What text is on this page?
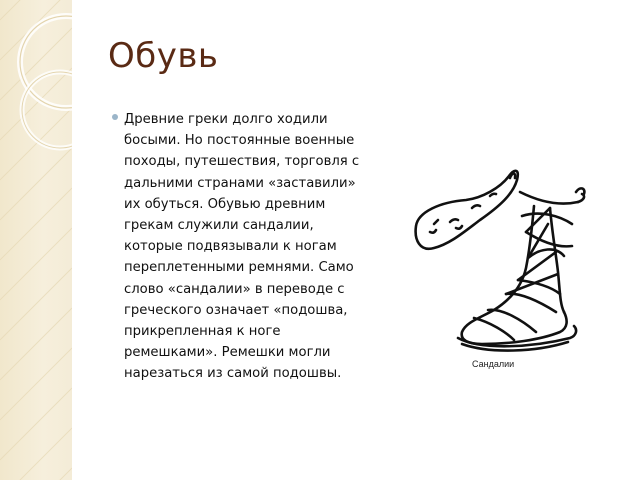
Обувь
Древние греки долго ходили босыми. Но постоянные военные походы, путешествия, торговля с дальними странами «заставили» их обуться. Обувью древним грекам служили сандалии, которые подвязывали к ногам переплетенными ремнями. Само слово «сандалии» в переводе с греческого означает «подошва, прикрепленная к ноге ремешками». Ремешки могли нарезаться из самой подошвы.
Сандалии
